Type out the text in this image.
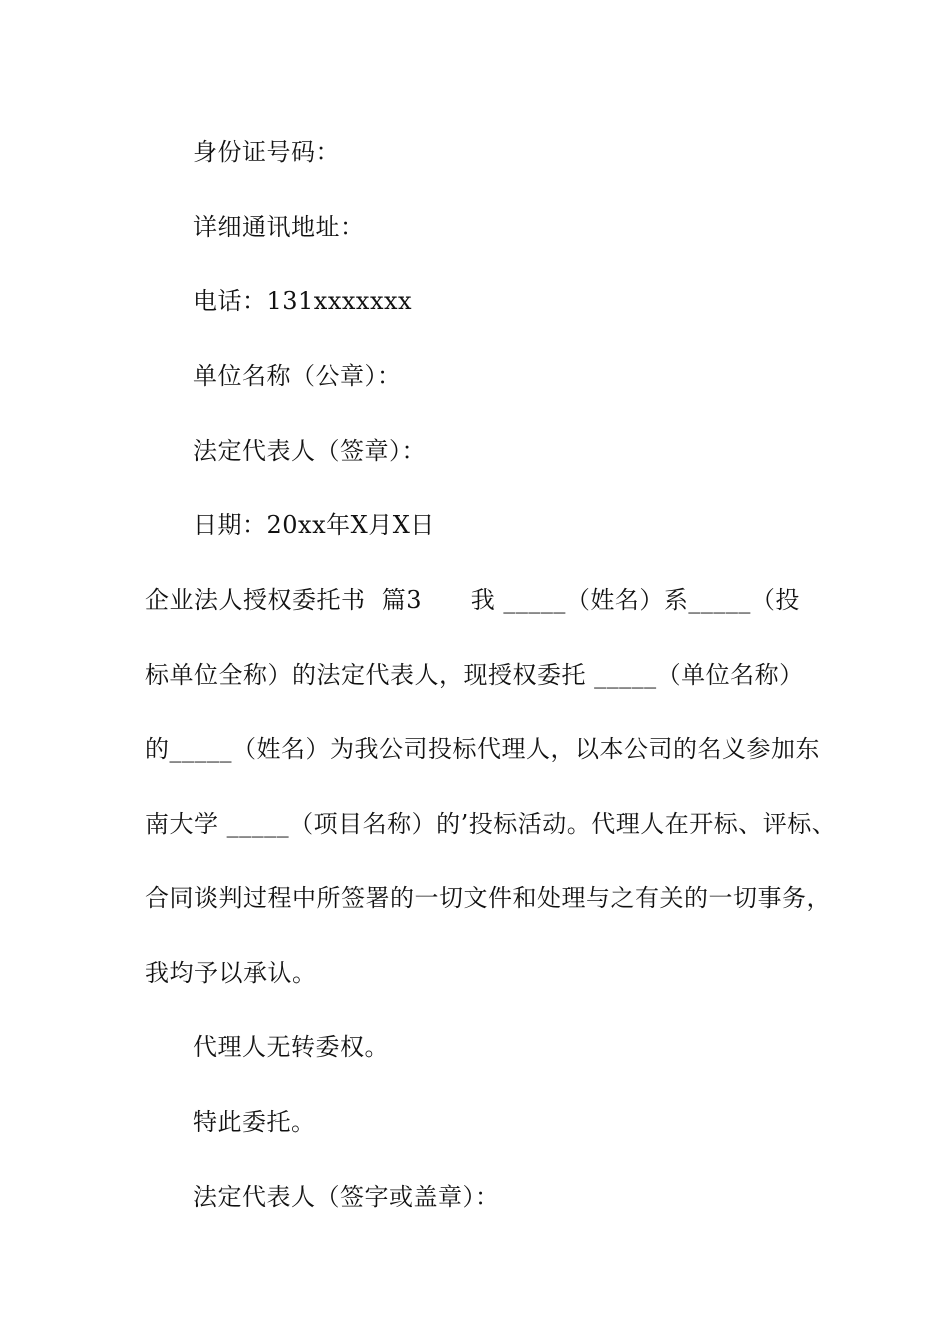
身份证号码：
详细通讯地址：
电话：131xxxxxxx
单位名称（公章）：
法定代表人（签章）：
日期：20xx年X月X日
企业法人授权委托书  篇3      我 _____（姓名）系_____（投
标单位全称）的法定代表人，现授权委托 _____（单位名称）
的_____（姓名）为我公司投标代理人，以本公司的名义参加东
南大学 _____（项目名称）的’投标活动。代理人在开标、评标、
合同谈判过程中所签署的一切文件和处理与之有关的一切事务，
我均予以承认。
代理人无转委权。
特此委托。
法定代表人（签字或盖章）：
